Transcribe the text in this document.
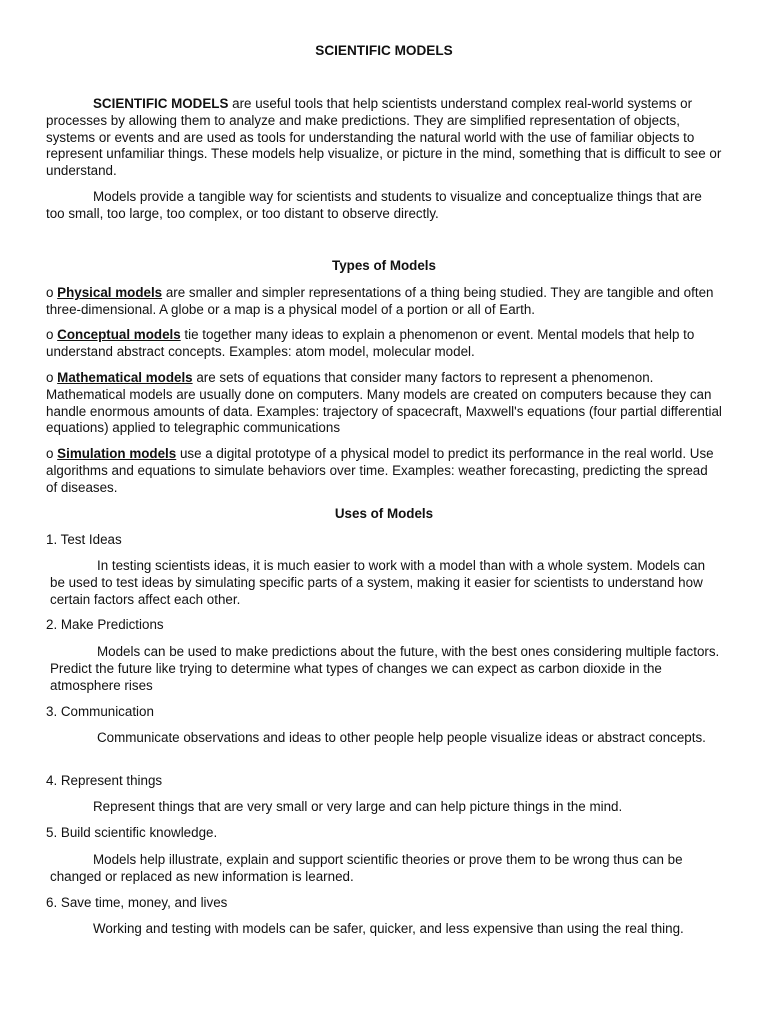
SCIENTIFIC MODELS

SCIENTIFIC MODELS are useful tools that help scientists understand complex real-world systems or processes by allowing them to analyze and make predictions. They are simplified representation of objects, systems or events and are used as tools for understanding the natural world with the use of familiar objects to represent unfamiliar things. These models help visualize, or picture in the mind, something that is difficult to see or understand.

Models provide a tangible way for scientists and students to visualize and conceptualize things that are too small, too large, too complex, or too distant to observe directly.

Types of Models

o Physical models are smaller and simpler representations of a thing being studied. They are tangible and often three-dimensional. A globe or a map is a physical model of a portion or all of Earth.

o Conceptual models tie together many ideas to explain a phenomenon or event. Mental models that help to understand abstract concepts. Examples: atom model, molecular model.

o Mathematical models are sets of equations that consider many factors to represent a phenomenon. Mathematical models are usually done on computers. Many models are created on computers because they can handle enormous amounts of data. Examples: trajectory of spacecraft, Maxwell's equations (four partial differential equations) applied to telegraphic communications

o Simulation models use a digital prototype of a physical model to predict its performance in the real world. Use algorithms and equations to simulate behaviors over time. Examples: weather forecasting, predicting the spread of diseases.

Uses of Models

1. Test Ideas

In testing scientists ideas, it is much easier to work with a model than with a whole system. Models can be used to test ideas by simulating specific parts of a system, making it easier for scientists to understand how certain factors affect each other.

2. Make Predictions

Models can be used to make predictions about the future, with the best ones considering multiple factors. Predict the future like trying to determine what types of changes we can expect as carbon dioxide in the atmosphere rises

3. Communication

Communicate observations and ideas to other people help people visualize ideas or abstract concepts.

4. Represent things

Represent things that are very small or very large and can help picture things in the mind.

5. Build scientific knowledge.

Models help illustrate, explain and support scientific theories or prove them to be wrong thus can be changed or replaced as new information is learned.

6. Save time, money, and lives

Working and testing with models can be safer, quicker, and less expensive than using the real thing.
